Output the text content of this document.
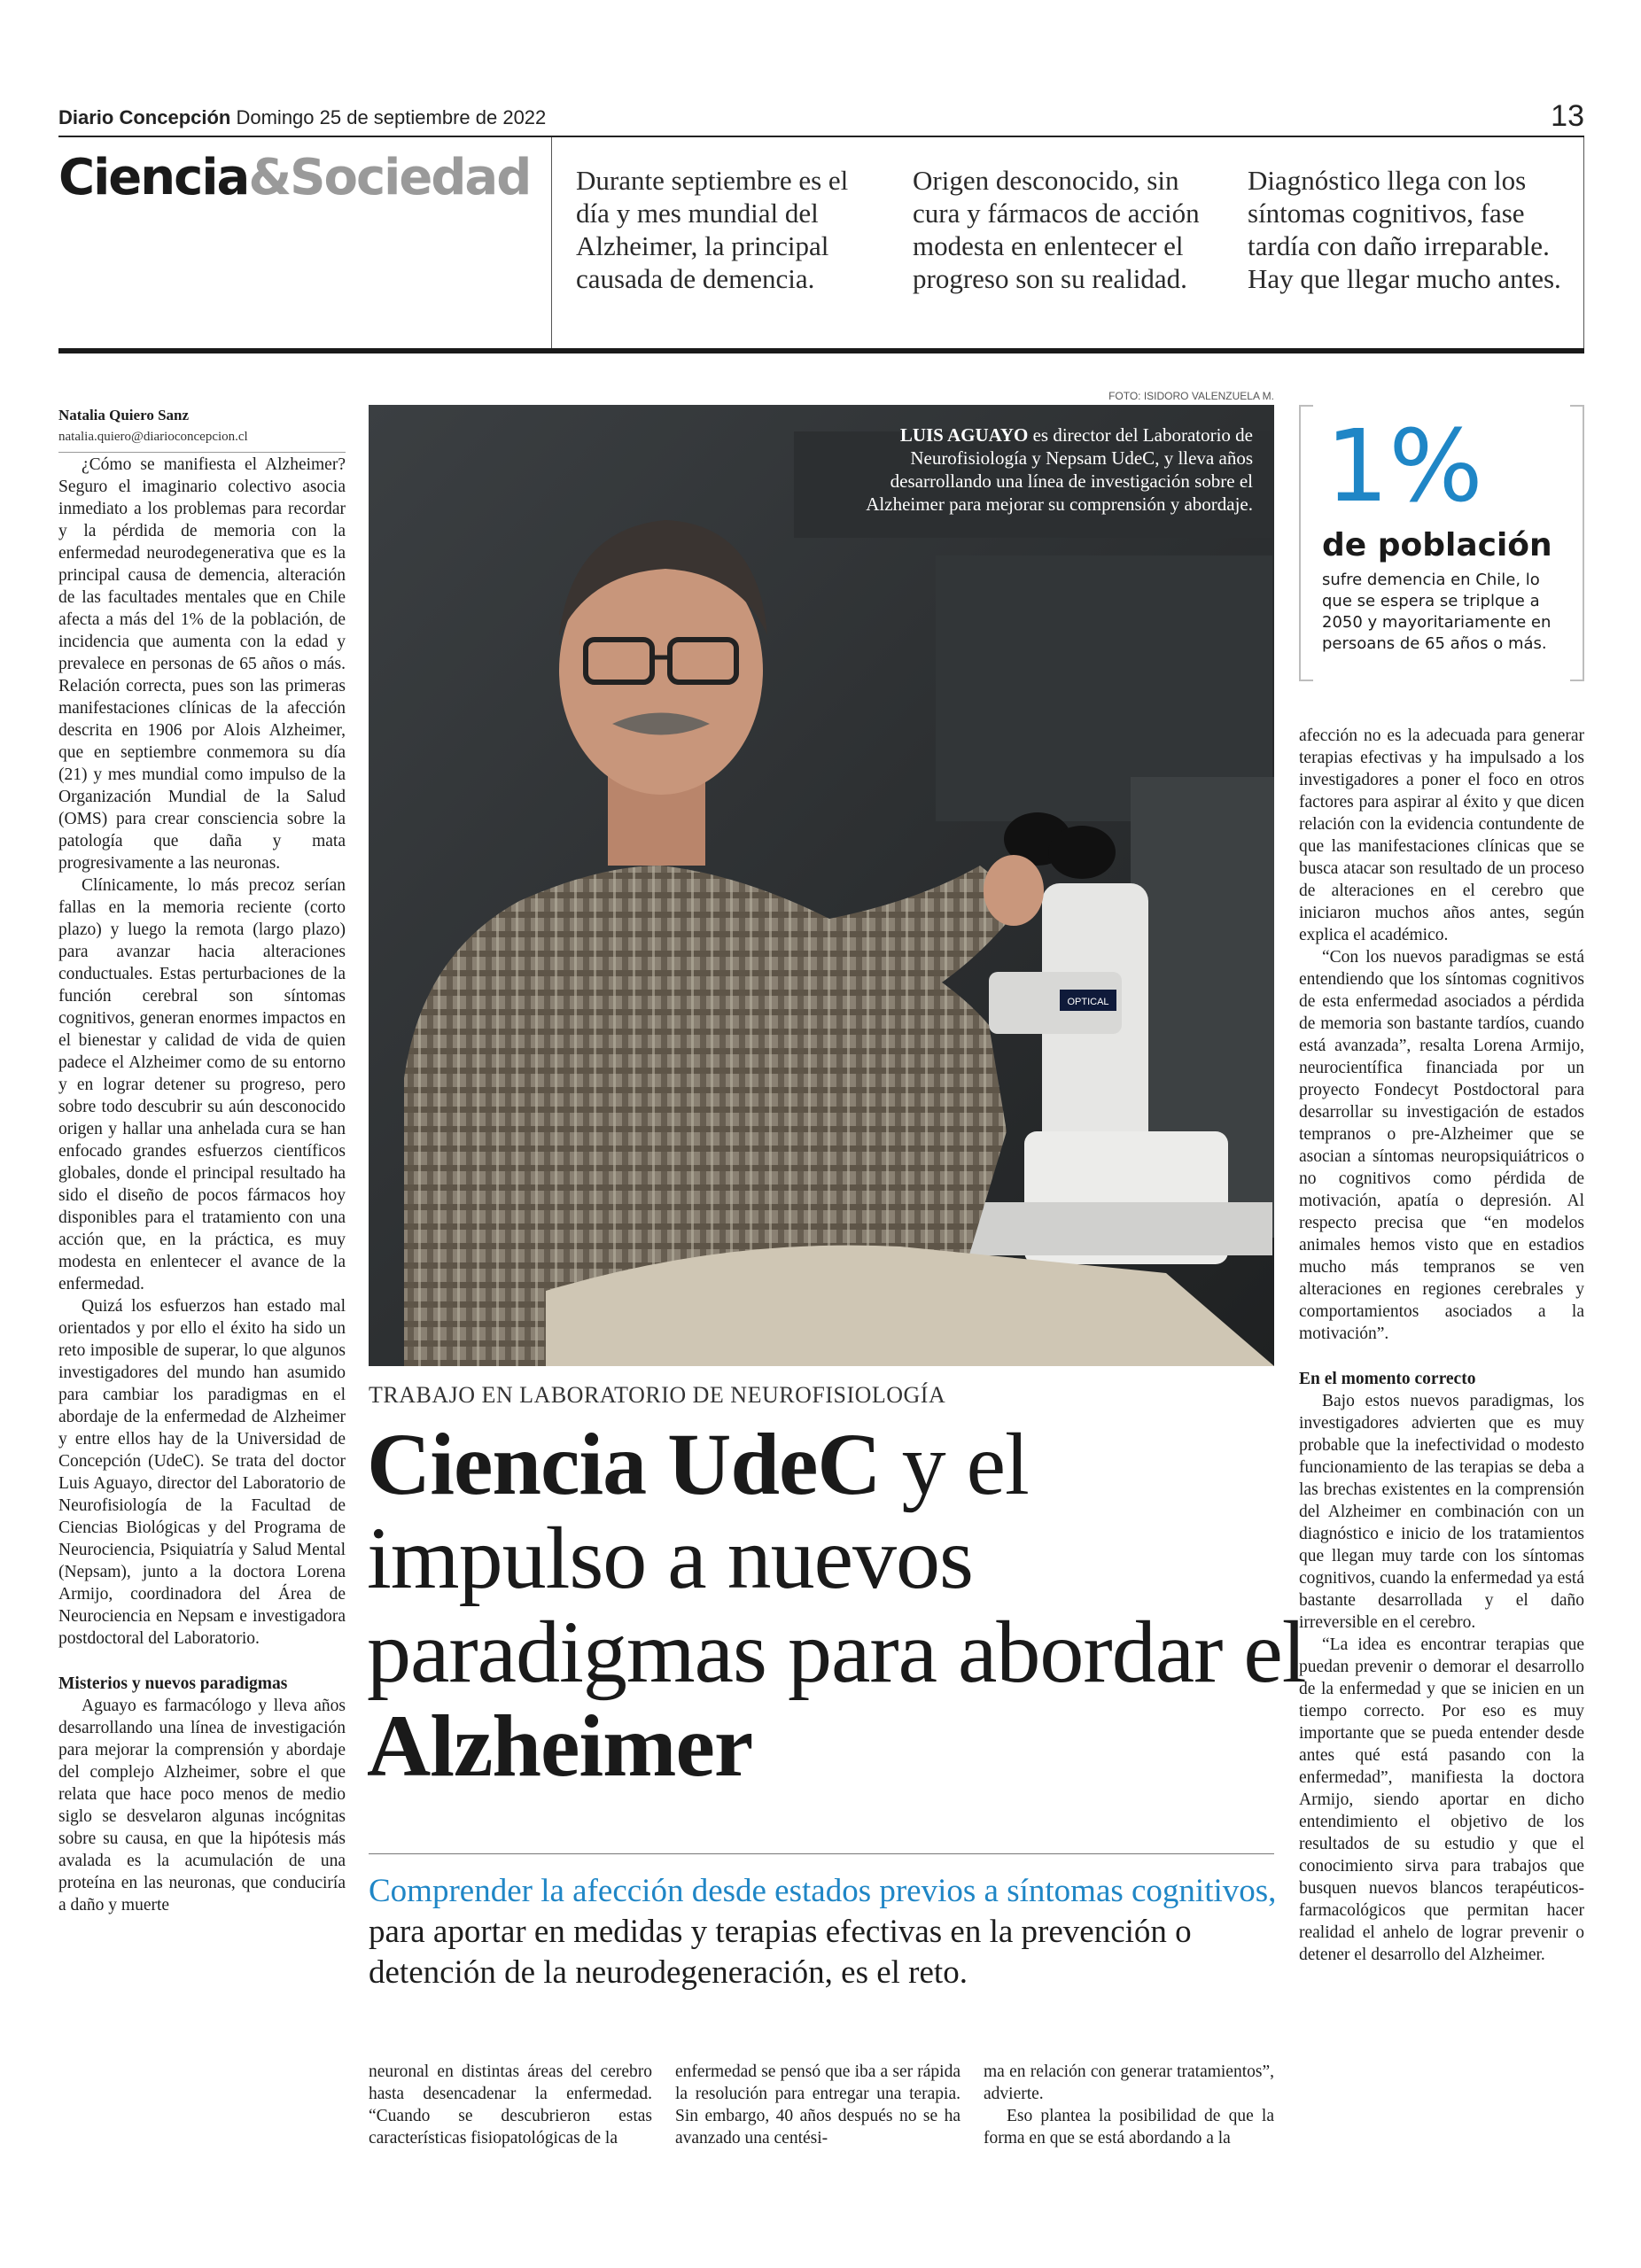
Diario Concepción Domingo 25 de septiembre de 2022	13
Ciencia&Sociedad Durante septiembre es el día y mes mundial del Alzheimer, la principal causada de demencia.
Origen desconocido, sin cura y fármacos de acción modesta en enlentecer el progreso son su realidad.
Diagnóstico llega con los síntomas cognitivos, fase tardía con daño irreparable. Hay que llegar mucho antes.
Natalia Quiero Sanz
natalia.quiero@diarioconcepcion.cl

¿Cómo se manifiesta el Alzheimer? Seguro el imaginario colectivo asocia inmediato a los problemas para recordar y la pérdida de memoria con la enfermedad neurodegenerativa que es la principal causa de demencia, alteración de las facultades mentales que en Chile afecta a más del 1% de la población, de incidencia que aumenta con la edad y prevalece en personas de 65 años o más. Relación correcta, pues son las primeras manifestaciones clínicas de la afección descrita en 1906 por Alois Alzheimer, que en septiembre conmemora su día (21) y mes mundial como impulso de la Organización Mundial de la Salud (OMS) para crear consciencia sobre la patología que daña y mata progresivamente a las neuronas.

Clínicamente, lo más precoz serían fallas en la memoria reciente (corto plazo) y luego la remota (largo plazo) para avanzar hacia alteraciones conductuales. Estas perturbaciones de la función cerebral son síntomas cognitivos, generan enormes impactos en el bienestar y calidad de vida de quien padece el Alzheimer como de su entorno y en lograr detener su progreso, pero sobre todo descubrir su aún desconocido origen y hallar una anhelada cura se han enfocado grandes esfuerzos científicos globales, donde el principal resultado ha sido el diseño de pocos fármacos hoy disponibles para el tratamiento con una acción que, en la práctica, es muy modesta en enlentecer el avance de la enfermedad.

Quizá los esfuerzos han estado mal orientados y por ello el éxito ha sido un reto imposible de superar, lo que algunos investigadores del mundo han asumido para cambiar los paradigmas en el abordaje de la enfermedad de Alzheimer y entre ellos hay de la Universidad de Concepción (UdeC). Se trata del doctor Luis Aguayo, director del Laboratorio de Neurofisiología de la Facultad de Ciencias Biológicas y del Programa de Neurociencia, Psiquiatría y Salud Mental (Nepsam), junto a la doctora Lorena Armijo, coordinadora del Área de Neurociencia en Nepsam e investigadora postdoctoral del Laboratorio.

Misterios y nuevos paradigmas

Aguayo es farmacólogo y lleva años desarrollando una línea de investigación para mejorar la comprensión y abordaje del complejo Alzheimer, sobre el que relata que hace poco menos de medio siglo se desvelaron algunas incógnitas sobre su causa, en que la hipótesis más avalada es la acumulación de una proteína en las neuronas, que conduciría a daño y muerte

FOTO: ISIDORO VALENZUELA M.
OPTICAL
LUIS AGUAYO es director del Laboratorio de Neurofisiología y Nepsam UdeC, y lleva años desarrollando una línea de investigación sobre el Alzheimer para mejorar su comprensión y abordaje.
TRABAJO EN LABORATORIO DE NEUROFISIOLOGÍA
Ciencia UdeC y el impulso a nuevos paradigmas para abordar el Alzheimer
Comprender la afección desde estados previos a síntomas cognitivos, para aportar en medidas y terapias efectivas en la prevención o detención de la neurodegeneración, es el reto.

neuronal en distintas áreas del cerebro hasta desencadenar la enfermedad. “Cuando se descubrieron estas características fisiopatológicas de la

enfermedad se pensó que iba a ser rápida la resolución para entregar una terapia. Sin embargo, 40 años después no se ha avanzado una centési-

ma en relación con generar tratamientos”, advierte.

Eso plantea la posibilidad de que la forma en que se está abordando a la

1%
de población
sufre demencia en Chile, lo que se espera se triplque a 2050 y mayoritariamente en persoans de 65 años o más.

afección no es la adecuada para generar terapias efectivas y ha impulsado a los investigadores a poner el foco en otros factores para aspirar al éxito y que dicen relación con la evidencia contundente de que las manifestaciones clínicas que se busca atacar son resultado de un proceso de alteraciones en el cerebro que iniciaron muchos años antes, según explica el académico.

“Con los nuevos paradigmas se está entendiendo que los síntomas cognitivos de esta enfermedad asociados a pérdida de memoria son bastante tardíos, cuando está avanzada”, resalta Lorena Armijo, neurocientífica financiada por un proyecto Fondecyt Postdoctoral para desarrollar su investigación de estados tempranos o pre-Alzheimer que se asocian a síntomas neuropsiquiátricos o no cognitivos como pérdida de motivación, apatía o depresión. Al respecto precisa que “en modelos animales hemos visto que en estadios mucho más tempranos se ven alteraciones en regiones cerebrales y comportamientos asociados a la motivación”.

En el momento correcto

Bajo estos nuevos paradigmas, los investigadores advierten que es muy probable que la inefectividad o modesto funcionamiento de las terapias se deba a las brechas existentes en la comprensión del Alzheimer en combinación con un diagnóstico e inicio de los tratamientos que llegan muy tarde con los síntomas cognitivos, cuando la enfermedad ya está bastante desarrollada y el daño irreversible en el cerebro.

“La idea es encontrar terapias que puedan prevenir o demorar el desarrollo de la enfermedad y que se inicien en un tiempo correcto. Por eso es muy importante que se pueda entender desde antes qué está pasando con la enfermedad”, manifiesta la doctora Armijo, siendo aportar en dicho entendimiento el objetivo de los resultados de su estudio y que el conocimiento sirva para trabajos que busquen nuevos blancos terapéuticos-farmacológicos que permitan hacer realidad el anhelo de lograr prevenir o detener el desarrollo del Alzheimer.
